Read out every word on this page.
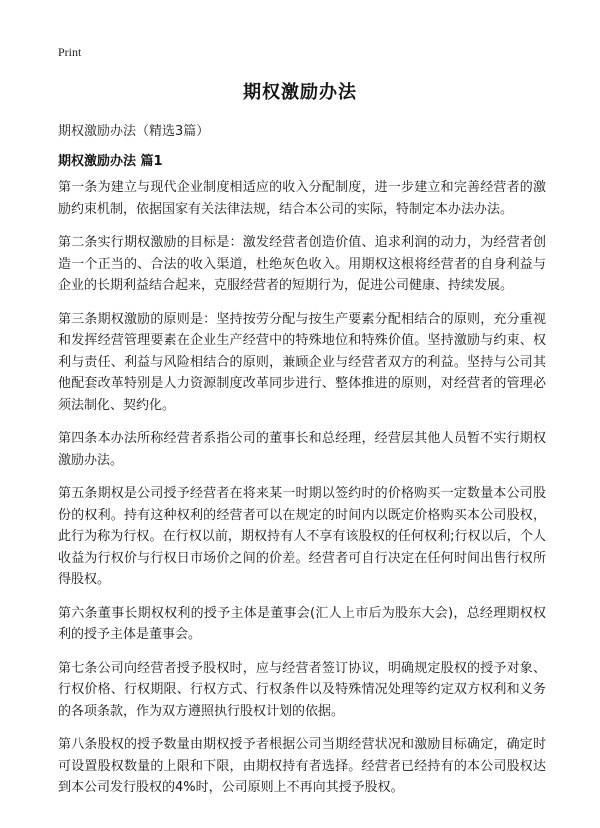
Print
期权激励办法
期权激励办法（精选3篇）
期权激励办法 篇1

第一条为建立与现代企业制度相适应的收入分配制度，进一步建立和完善经营者的激励约束机制，依据国家有关法律法规，结合本公司的实际，特制定本办法办法。

第二条实行期权激励的目标是：激发经营者创造价值、追求利润的动力，为经营者创造一个正当的、合法的收入渠道，杜绝灰色收入。用期权这根将经营者的自身利益与企业的长期利益结合起来，克服经营者的短期行为，促进公司健康、持续发展。

第三条期权激励的原则是：坚持按劳分配与按生产要素分配相结合的原则，充分重视和发挥经营管理要素在企业生产经营中的特殊地位和特殊价值。坚持激励与约束、权利与责任、利益与风险相结合的原则，兼顾企业与经营者双方的利益。坚持与公司其他配套改革特别是人力资源制度改革同步进行、整体推进的原则，对经营者的管理必须法制化、契约化。

第四条本办法所称经营者系指公司的董事长和总经理，经营层其他人员暂不实行期权激励办法。

第五条期权是公司授予经营者在将来某一时期以签约时的价格购买一定数量本公司股份的权利。持有这种权利的经营者可以在规定的时间内以既定价格购买本公司股权，此行为称为行权。在行权以前，期权持有人不享有该股权的任何权利;行权以后，个人收益为行权价与行权日市场价之间的价差。经营者可自行决定在任何时间出售行权所得股权。

第六条董事长期权权利的授予主体是董事会(汇人上市后为股东大会)，总经理期权权利的授予主体是董事会。

第七条公司向经营者授予股权时，应与经营者签订协议，明确规定股权的授予对象、行权价格、行权期限、行权方式、行权条件以及特殊情况处理等约定双方权利和义务的各项条款，作为双方遵照执行股权计划的依据。

第八条股权的授予数量由期权授予者根据公司当期经营状况和激励目标确定，确定时可设置股权数量的上限和下限，由期权持有者选择。经营者已经持有的本公司股权达到本公司发行股权的4%时，公司原则上不再向其授予股权。
